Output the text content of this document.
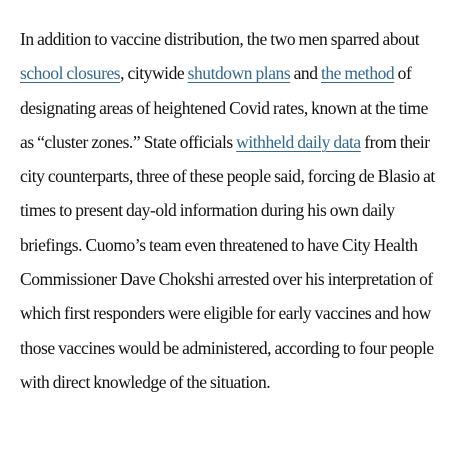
In addition to vaccine distribution, the two men sparred about school closures, citywide shutdown plans and the method of designating areas of heightened Covid rates, known at the time as “cluster zones.” State officials withheld daily data from their city counterparts, three of these people said, forcing de Blasio at times to present day-old information during his own daily briefings. Cuomo’s team even threatened to have City Health Commissioner Dave Chokshi arrested over his interpretation of which first responders were eligible for early vaccines and how those vaccines would be administered, according to four people with direct knowledge of the situation.
